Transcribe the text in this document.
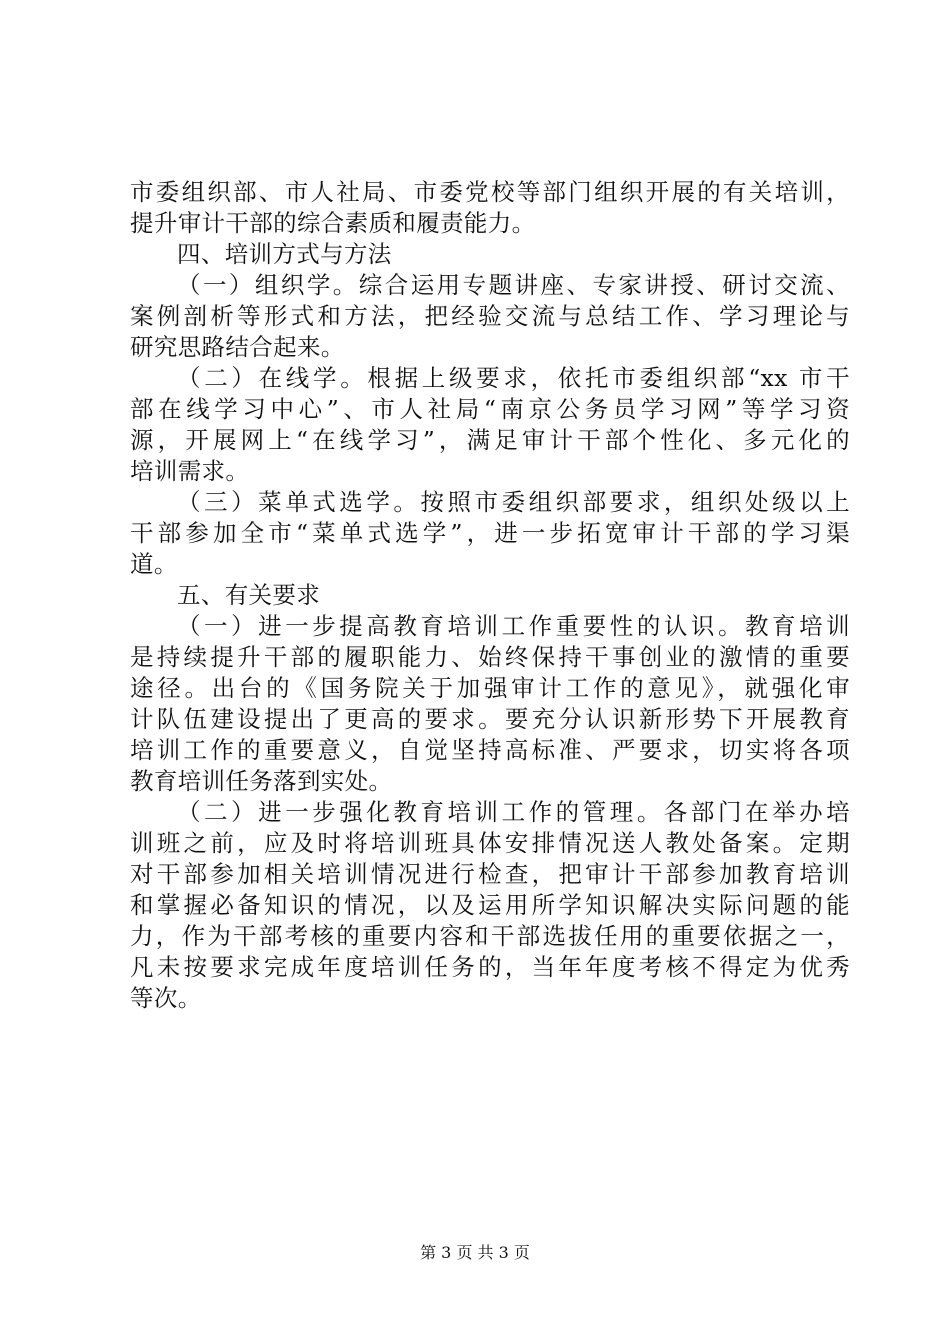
市委组织部、市人社局、市委党校等部门组织开展的有关培训，
提升审计干部的综合素质和履责能力。
四、培训方式与方法
（一）组织学。综合运用专题讲座、专家讲授、研讨交流、
案例剖析等形式和方法，把经验交流与总结工作、学习理论与
研究思路结合起来。
（二）在线学。根据上级要求，依托市委组织部“xx 市干
部在线学习中心”、市人社局“南京公务员学习网”等学习资
源，开展网上“在线学习”，满足审计干部个性化、多元化的
培训需求。
（三）菜单式选学。按照市委组织部要求，组织处级以上
干部参加全市“菜单式选学”，进一步拓宽审计干部的学习渠
道。
五、有关要求
（一）进一步提高教育培训工作重要性的认识。教育培训
是持续提升干部的履职能力、始终保持干事创业的激情的重要
途径。出台的《国务院关于加强审计工作的意见》，就强化审
计队伍建设提出了更高的要求。要充分认识新形势下开展教育
培训工作的重要意义，自觉坚持高标准、严要求，切实将各项
教育培训任务落到实处。
（二）进一步强化教育培训工作的管理。各部门在举办培
训班之前，应及时将培训班具体安排情况送人教处备案。定期
对干部参加相关培训情况进行检查，把审计干部参加教育培训
和掌握必备知识的情况，以及运用所学知识解决实际问题的能
力，作为干部考核的重要内容和干部选拔任用的重要依据之一，
凡未按要求完成年度培训任务的，当年年度考核不得定为优秀
等次。
第 3 页 共 3 页
